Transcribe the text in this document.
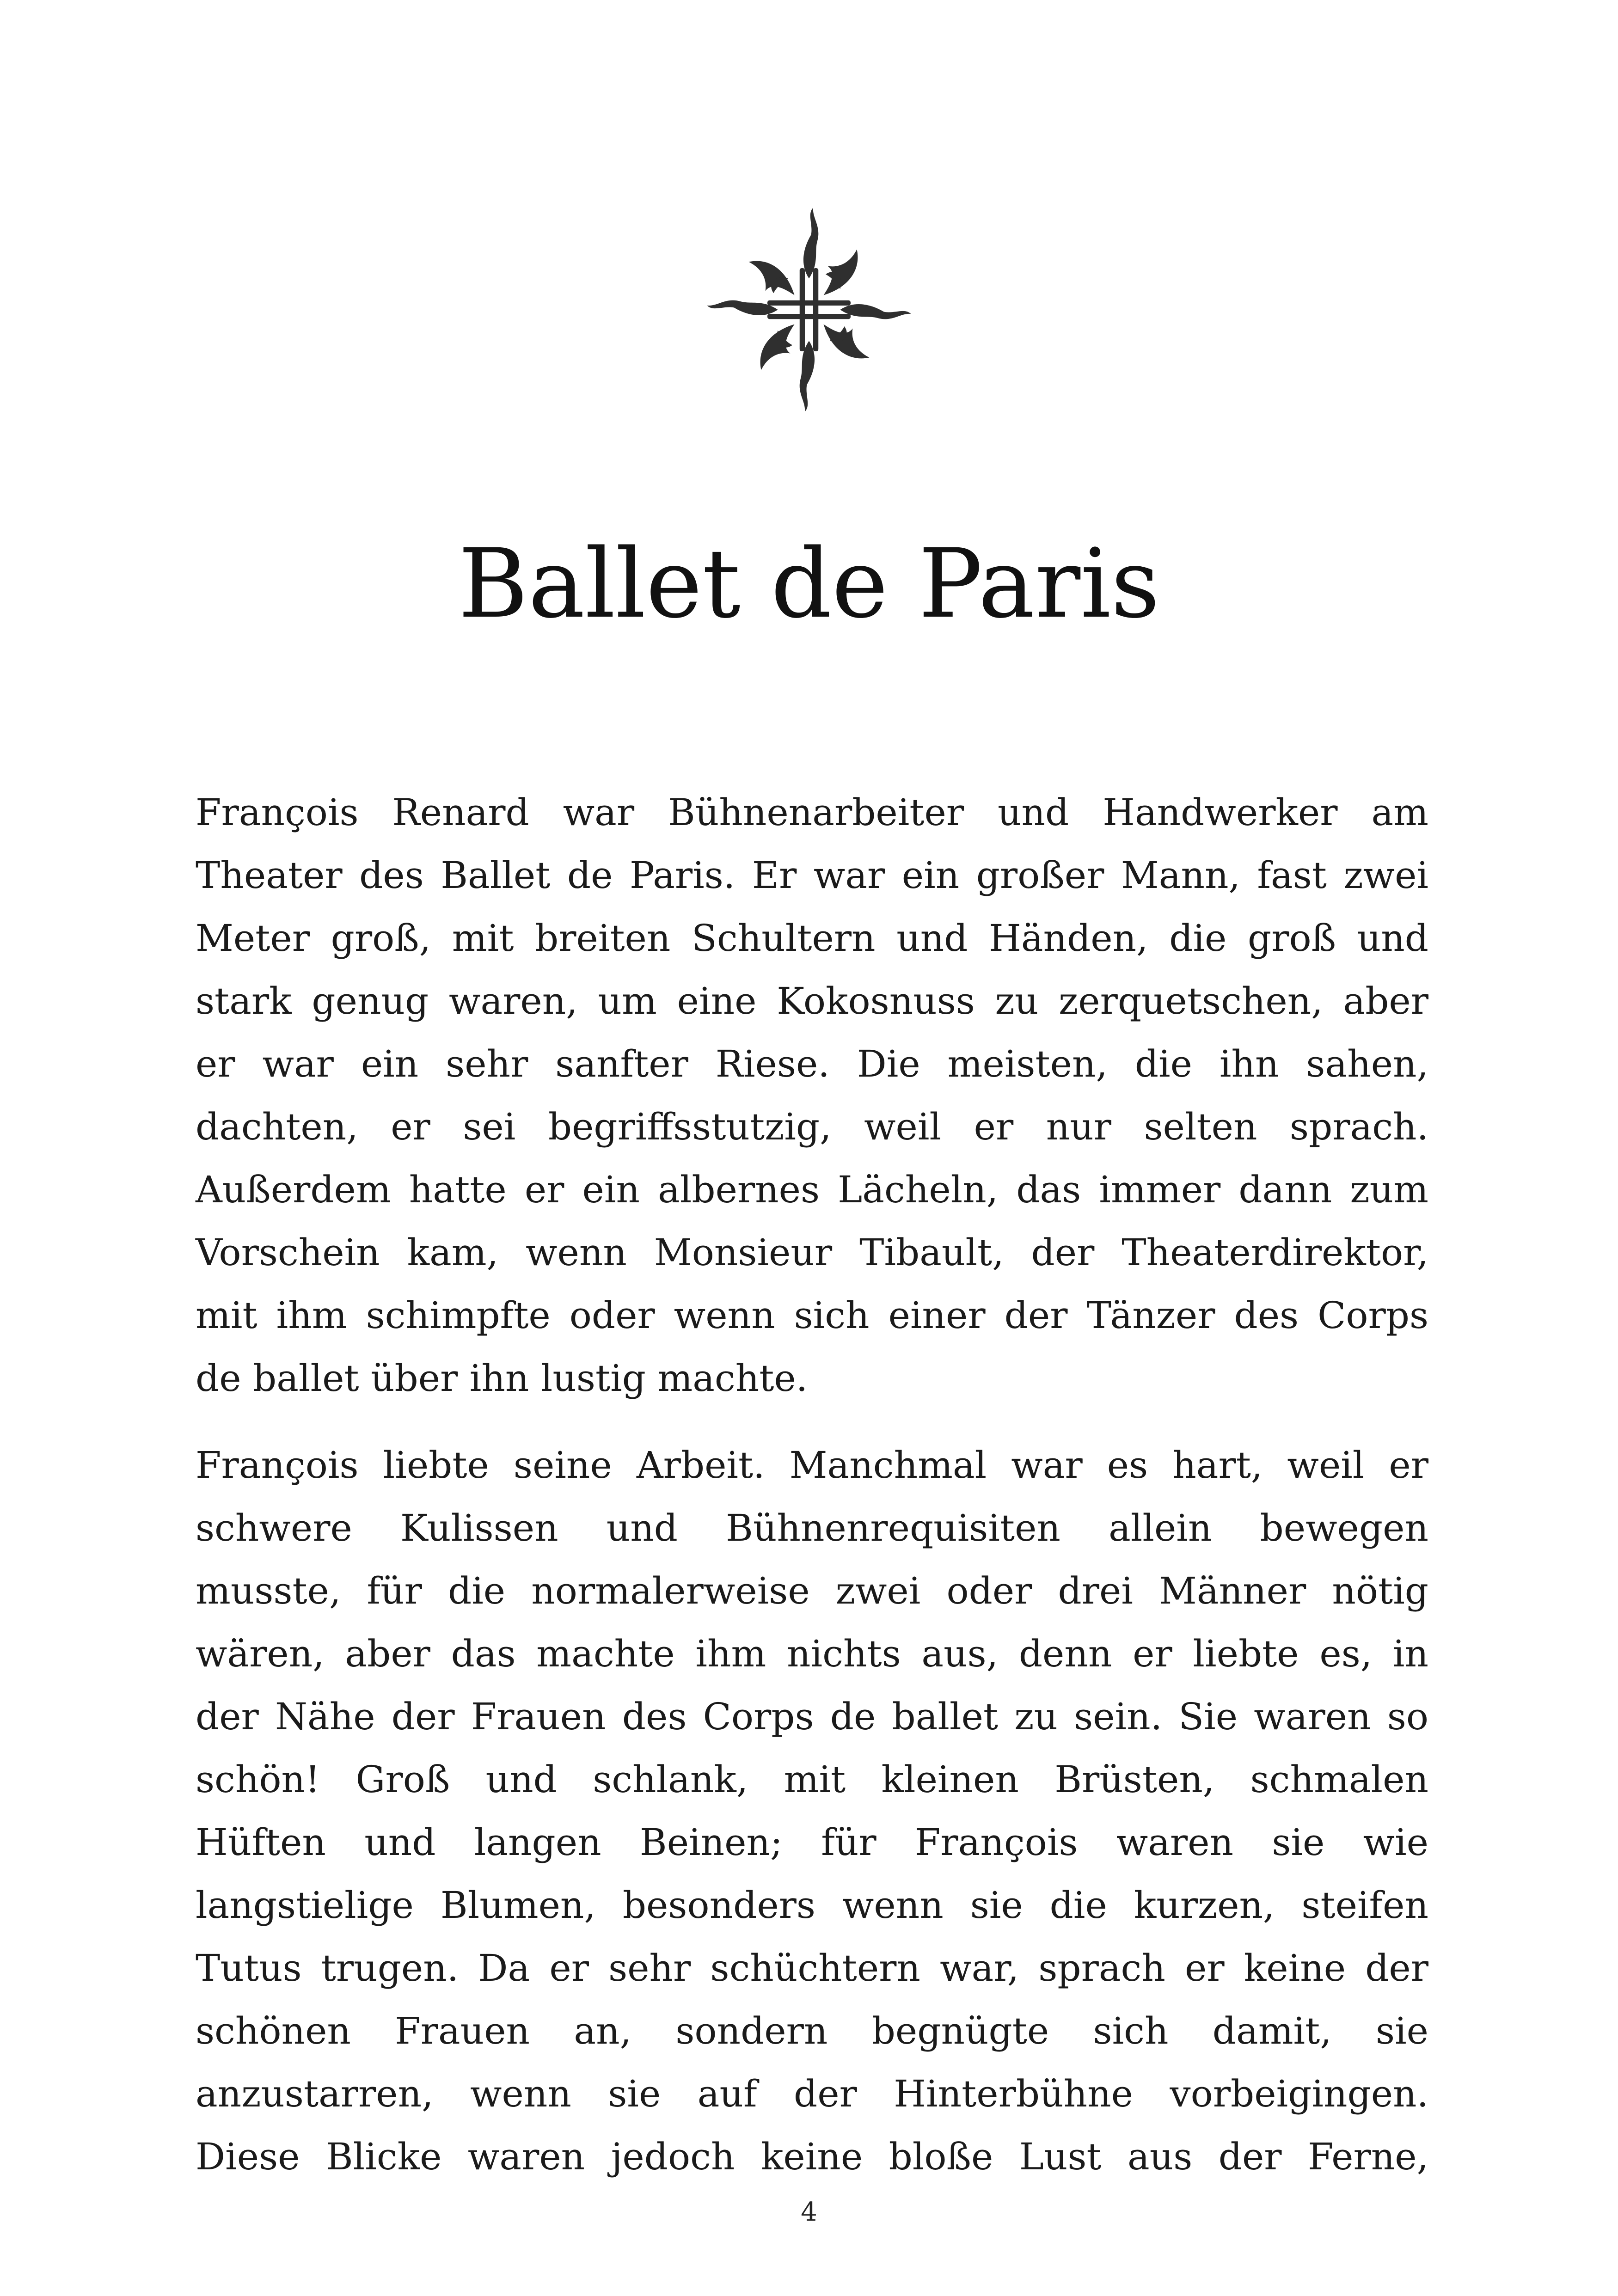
Ballet de Paris

François Renard war Bühnenarbeiter und Handwerker am
Theater des Ballet de Paris. Er war ein großer Mann, fast zwei
Meter groß, mit breiten Schultern und Händen, die groß und
stark genug waren, um eine Kokosnuss zu zerquetschen, aber
er war ein sehr sanfter Riese. Die meisten, die ihn sahen,
dachten, er sei begriffsstutzig, weil er nur selten sprach.
Außerdem hatte er ein albernes Lächeln, das immer dann zum
Vorschein kam, wenn Monsieur Tibault, der Theaterdirektor,
mit ihm schimpfte oder wenn sich einer der Tänzer des Corps
de ballet über ihn lustig machte.

François liebte seine Arbeit. Manchmal war es hart, weil er
schwere Kulissen und Bühnenrequisiten allein bewegen
musste, für die normalerweise zwei oder drei Männer nötig
wären, aber das machte ihm nichts aus, denn er liebte es, in
der Nähe der Frauen des Corps de ballet zu sein. Sie waren so
schön! Groß und schlank, mit kleinen Brüsten, schmalen
Hüften und langen Beinen; für François waren sie wie
langstielige Blumen, besonders wenn sie die kurzen, steifen
Tutus trugen. Da er sehr schüchtern war, sprach er keine der
schönen Frauen an, sondern begnügte sich damit, sie
anzustarren, wenn sie auf der Hinterbühne vorbeigingen.
Diese Blicke waren jedoch keine bloße Lust aus der Ferne,

4
